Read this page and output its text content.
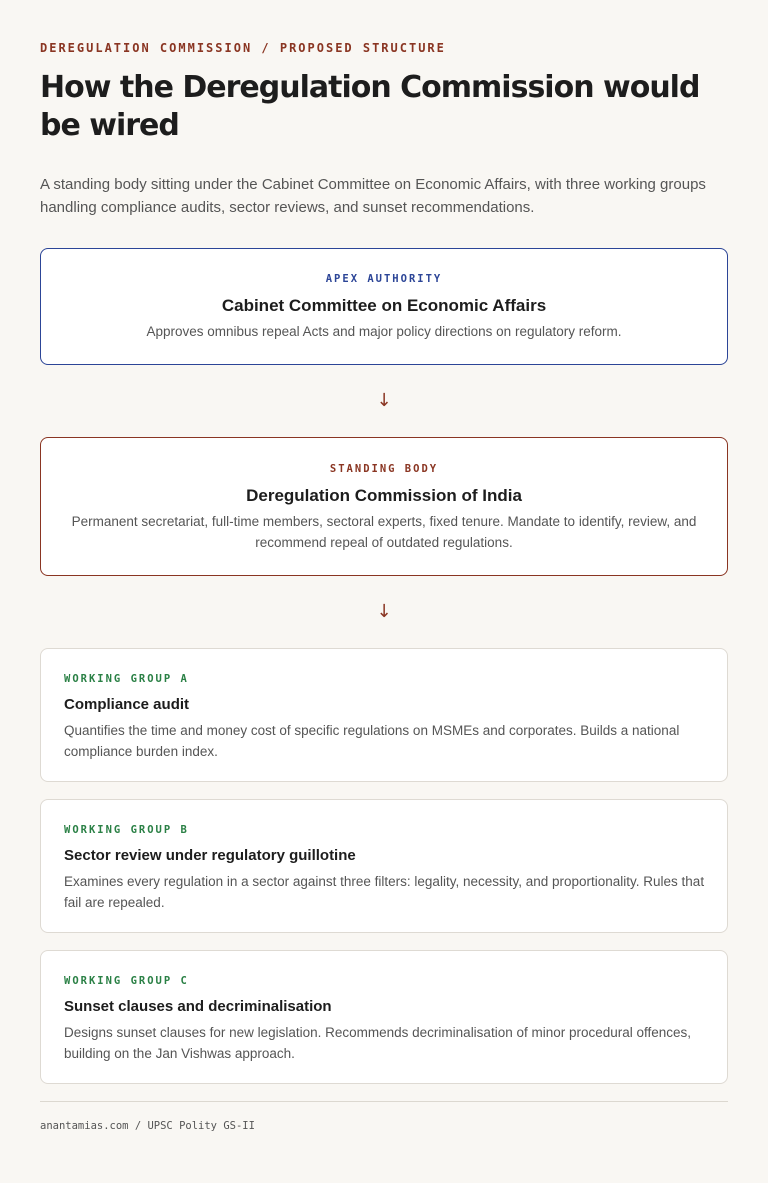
DEREGULATION COMMISSION / PROPOSED STRUCTURE

How the Deregulation Commission would be wired

A standing body sitting under the Cabinet Committee on Economic Affairs, with three working groups handling compliance audits, sector reviews, and sunset recommendations.

APEX AUTHORITY
Cabinet Committee on Economic Affairs
Approves omnibus repeal Acts and major policy directions on regulatory reform.
↓
STANDING BODY
Deregulation Commission of India
Permanent secretariat, full-time members, sectoral experts, fixed tenure. Mandate to identify, review, and recommend repeal of outdated regulations.
↓
WORKING GROUP A
Compliance audit
Quantifies the time and money cost of specific regulations on MSMEs and corporates. Builds a national compliance burden index.
WORKING GROUP B
Sector review under regulatory guillotine
Examines every regulation in a sector against three filters: legality, necessity, and proportionality. Rules that fail are repealed.
WORKING GROUP C
Sunset clauses and decriminalisation
Designs sunset clauses for new legislation. Recommends decriminalisation of minor procedural offences, building on the Jan Vishwas approach.
anantamias.com / UPSC Polity GS-II
